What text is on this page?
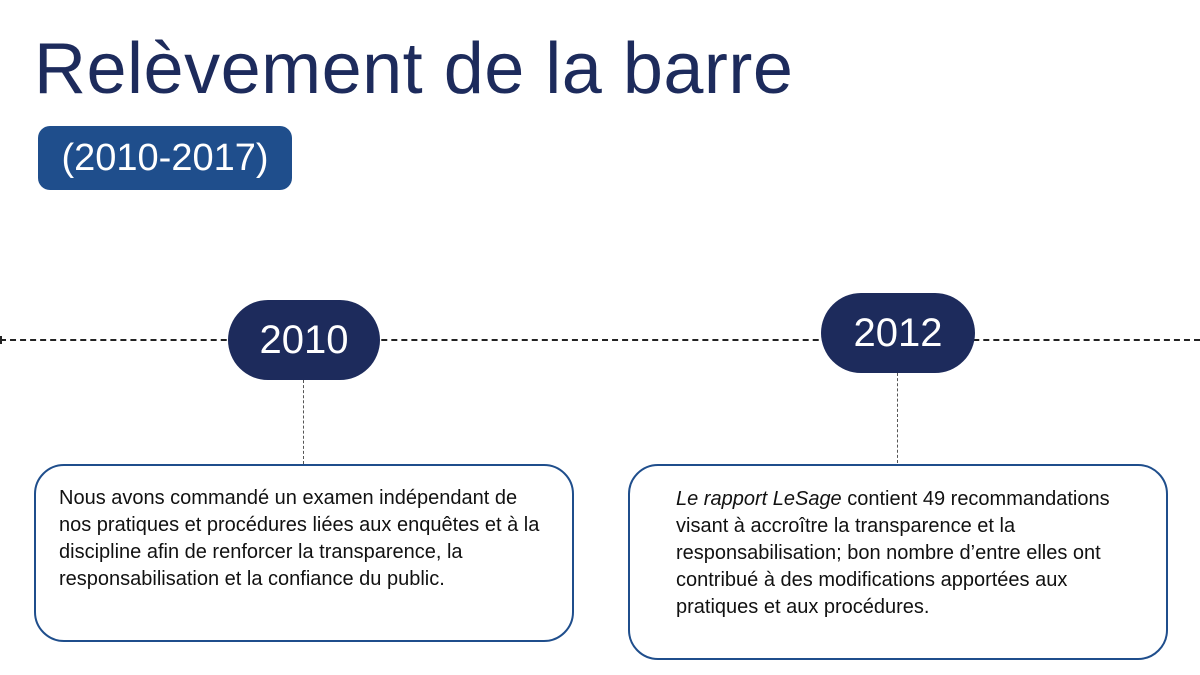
Relèvement de la barre
(2010-2017)
2010	2012

Nous avons commandé un examen indépendant de nos pratiques et procédures liées aux enquêtes et à la discipline afin de renforcer la transparence, la responsabilisation et la confiance du public.

Le rapport LeSage contient 49 recommandations visant à accroître la transparence et la responsabilisation; bon nombre d’entre elles ont contribué à des modifications apportées aux pratiques et aux procédures.
